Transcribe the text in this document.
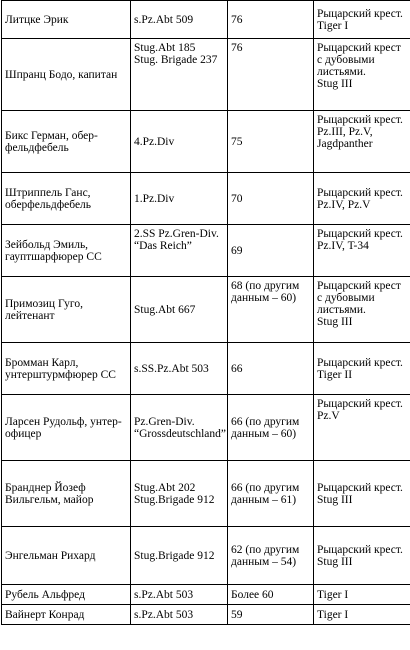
Литцке Эрик	s.Pz.Abt 509	76	Рыцарский крест.
Tiger I
Шпранц Бодо, капитан	Stug.Abt 185
Stug. Brigade 237	76	Рыцарский крест с дубовыми листьями.
Stug III
Бикс Герман, обер-фельдфебель	4.Pz.Div	75	Рыцарский крест.
Pz.III, Pz.V,
Jagdpanther
Штриппель Ганс, оберфельдфебель	1.Pz.Div	70	Рыцарский крест.
Pz.IV, Pz.V
Зейбольд Эмиль, гауптшарфюрер СС	2.SS Pz.Gren-Div. “Das Reich”	69	Рыцарский крест.
Pz.IV, T-34
Примозиц Гуго, лейтенант	Stug.Abt 667	68 (по другим данным – 60)	Рыцарский крест с дубовыми листьями.
Stug III
Бромман Карл, унтерштурмфюрер СС	s.SS.Pz.Abt 503	66	Рыцарский крест.
Tiger II
Ларсен Рудольф, унтер-офицер	Pz.Gren-Div. “Grossdeutschland”	66 (по другим данным – 60)	Рыцарский крест.
Pz.V
Бранднер Йозеф Вильгельм, майор	Stug.Abt 202
Stug.Brigade 912	66 (по другим данным – 61)	Рыцарский крест.
Stug III
Энгельман Рихард	Stug.Brigade 912	62 (по другим данным – 54)	Рыцарский крест.
Stug III
Рубель Альфред	s.Pz.Abt 503	Более 60	Tiger I
Вайнерт Конрад	s.Pz.Abt 503	59	Tiger I
